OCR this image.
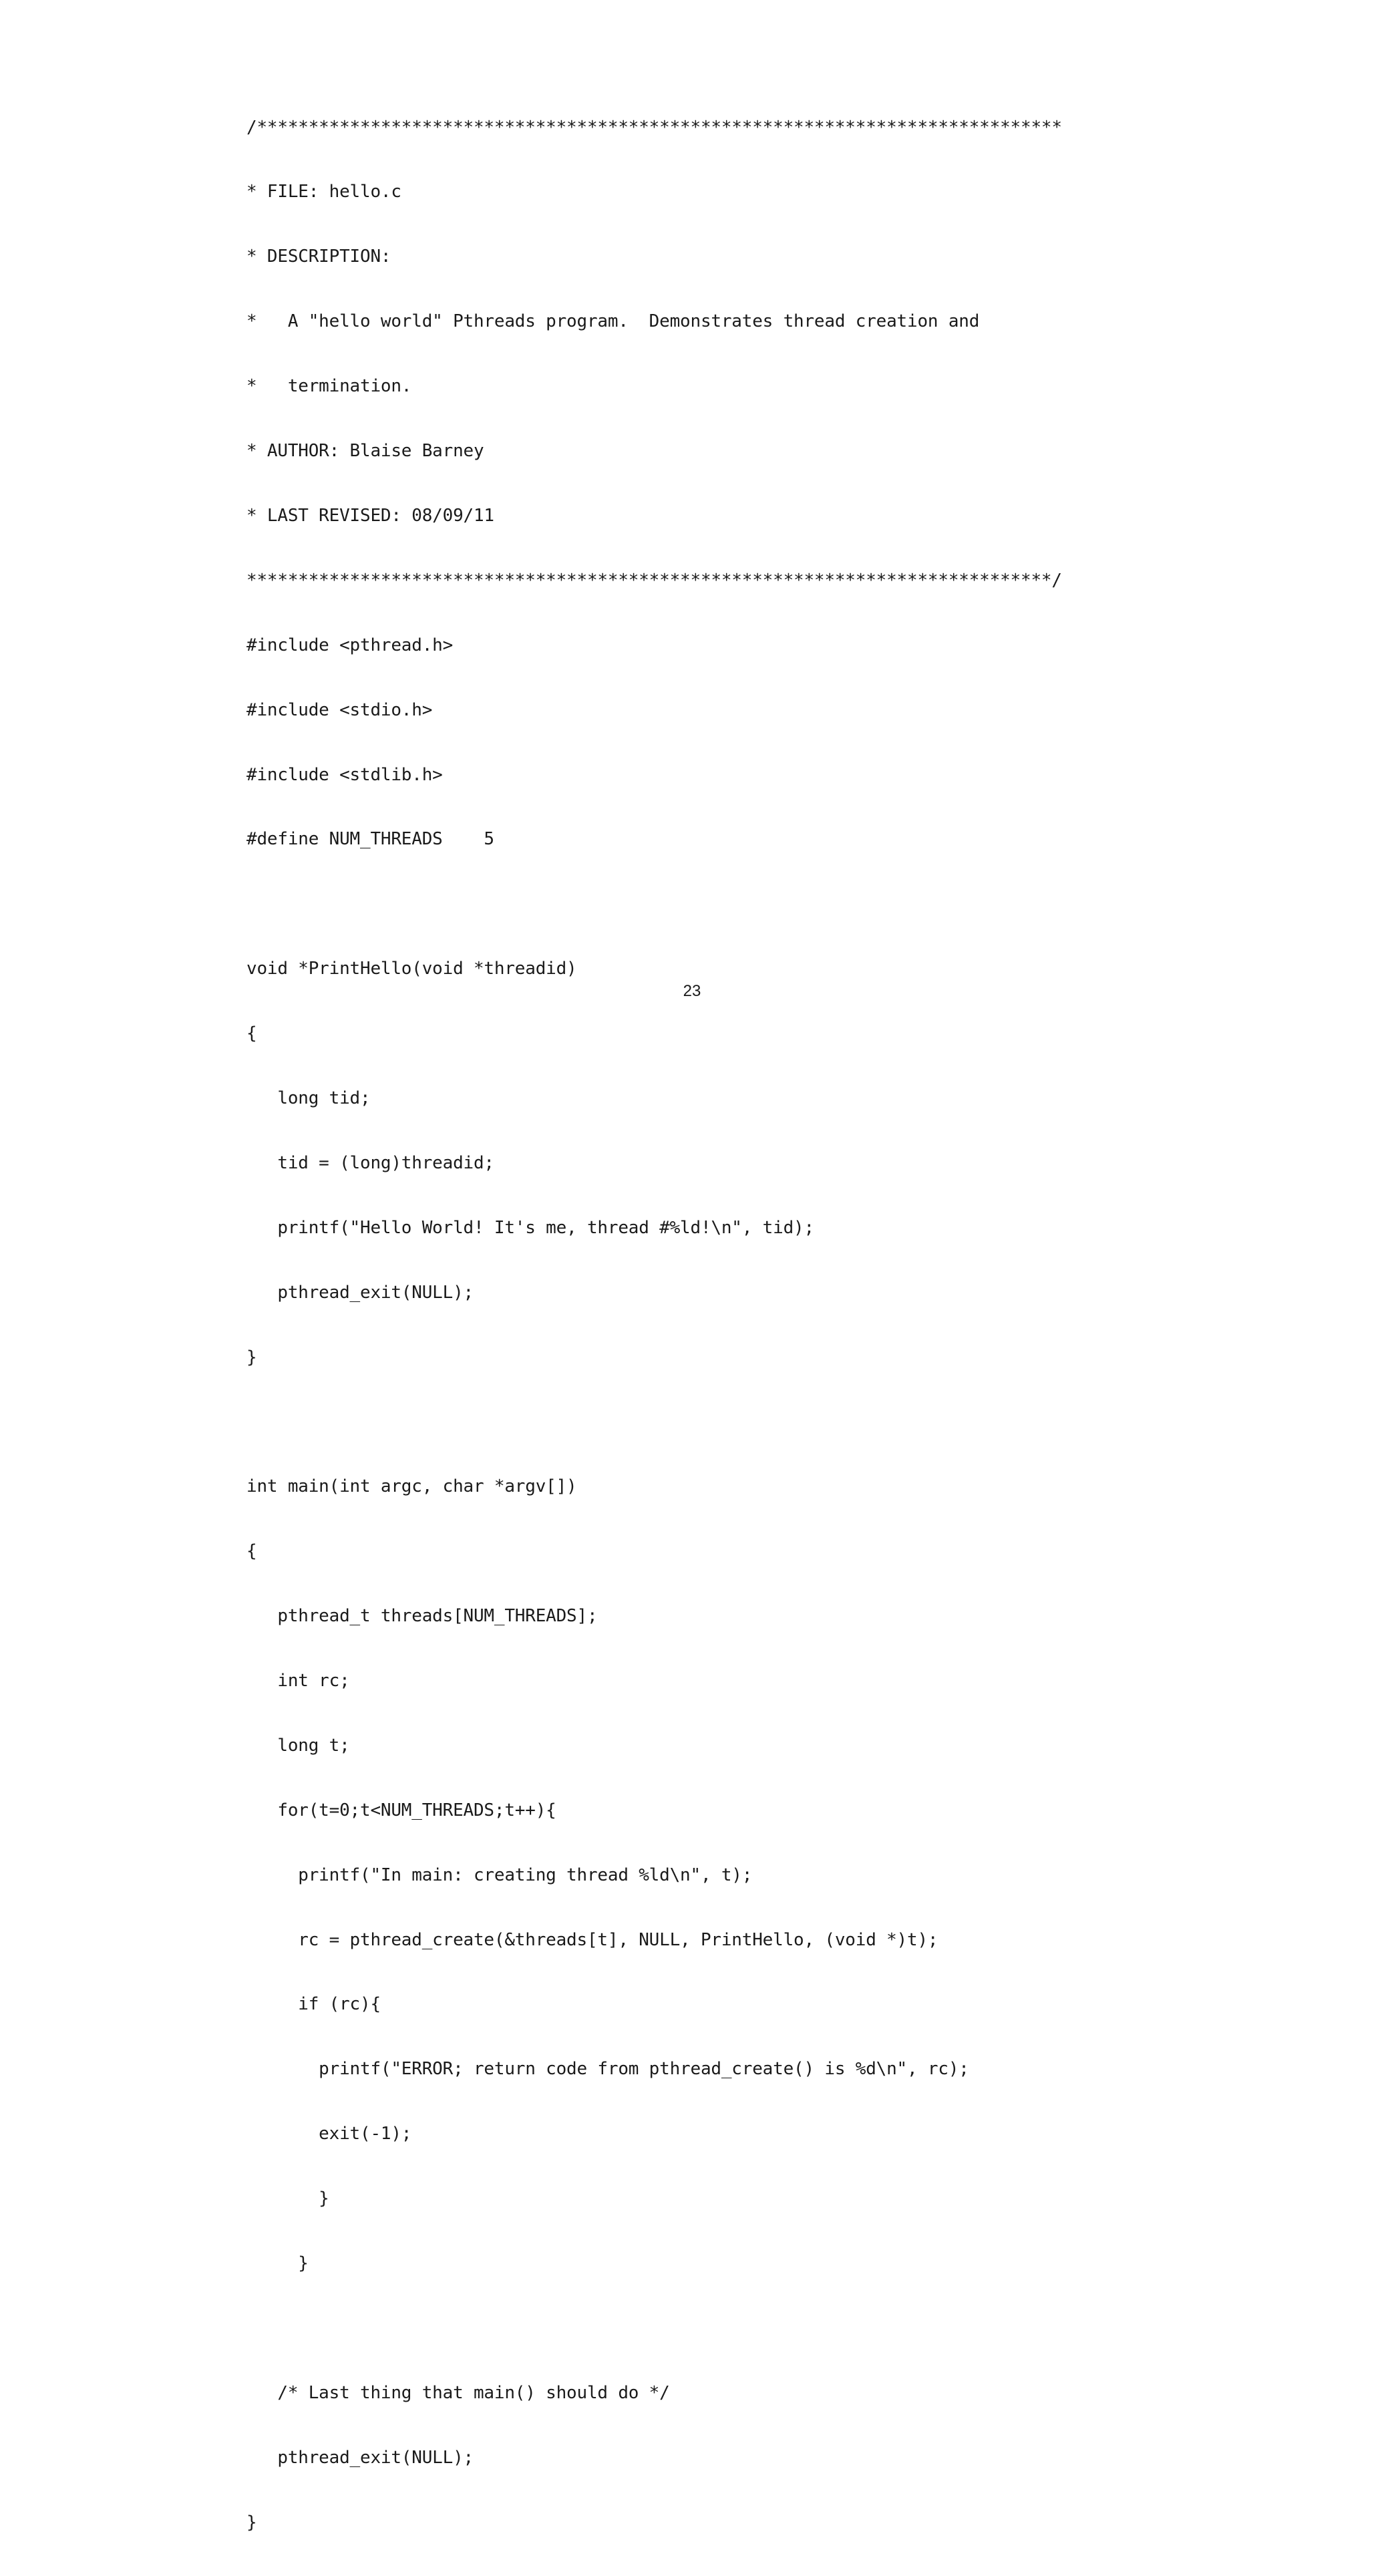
/******************************************************************************

* FILE: hello.c

* DESCRIPTION:

*   A "hello world" Pthreads program.  Demonstrates thread creation and

*   termination.

* AUTHOR: Blaise Barney

* LAST REVISED: 08/09/11

******************************************************************************/

#include <pthread.h>

#include <stdio.h>

#include <stdlib.h>

#define NUM_THREADS    5

void *PrintHello(void *threadid)

{

long tid;

tid = (long)threadid;

printf("Hello World! It's me, thread #%ld!\n", tid);

pthread_exit(NULL);

}

int main(int argc, char *argv[])

{

pthread_t threads[NUM_THREADS];

int rc;

long t;

for(t=0;t<NUM_THREADS;t++){

printf("In main: creating thread %ld\n", t);

rc = pthread_create(&threads[t], NULL, PrintHello, (void *)t);

if (rc){

printf("ERROR; return code from pthread_create() is %d\n", rc);

exit(-1);

}

}

/* Last thing that main() should do */

pthread_exit(NULL);

}

23
